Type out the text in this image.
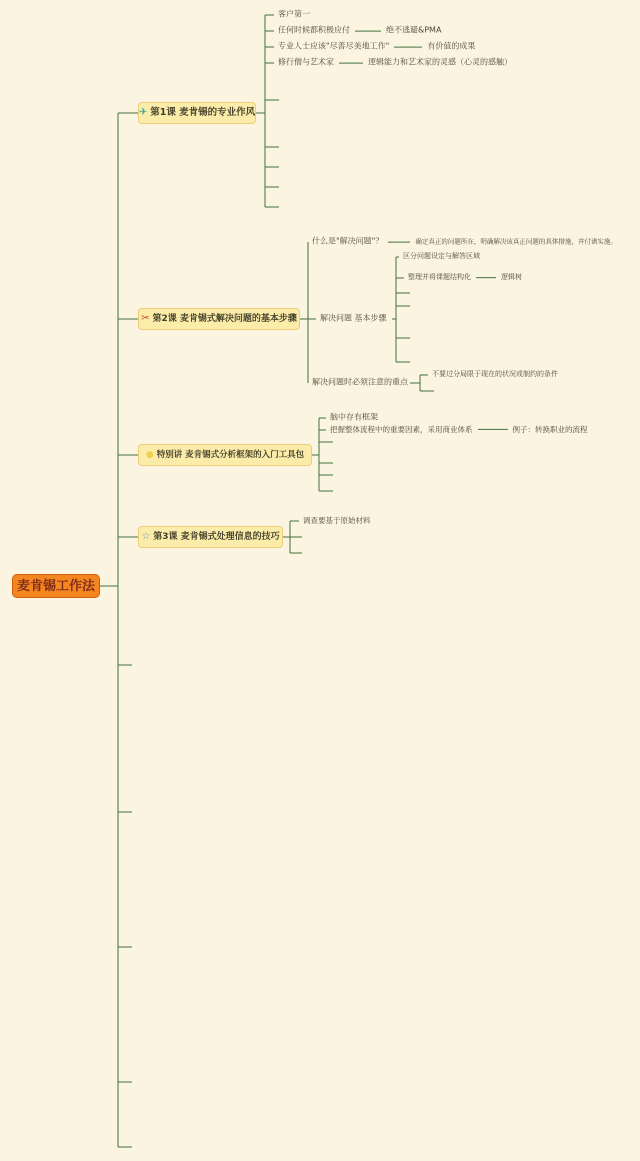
麦肯锡工作法
✈ 第1课 麦肯锡的专业作风
客户第一
任何时候都积极应付	绝不逃避&PMA
专业人士应该"尽善尽美地工作"	有价值的成果
修行僧与艺术家	逻辑能力和艺术家的灵感（心灵的感触）
✂ 第2课 麦肯锡式解决问题的基本步骤
什么是"解决问题"？	确定真正的问题所在，明确解决该真正问题的具体措施，并付诸实施。
解决问题 基本步骤
区分问题设定与解答区域
整理并将课题结构化	逻辑树
解决问题时必须注意的重点
不要过分局限于现在的状况或制约的条件
● 特别讲 麦肯锡式分析框架的入门工具包
脑中存有框架
把握整体流程中的重要因素，采用商业体系	例子：转换职业的流程
☆ 第3课 麦肯锡式处理信息的技巧
调查要基于原始材料
